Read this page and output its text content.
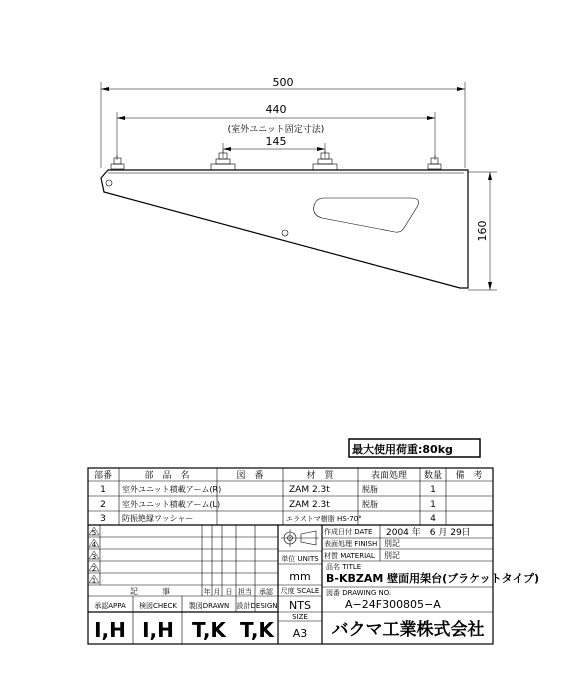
500
440
(室外ユニット固定寸法)
145
160
最大使用荷重:80kg
部番	部　品　名	図　番	材　質	表面処理 数量 備　考
1 室外ユニット積載アーム(R)	ZAM 2.3t	脱脂	1
2 室外ユニット積載アーム(L)	ZAM 2.3t	脱脂	1
3 防振絶縁ワッシャー	エラストマ樹脂 HS-70°	4
5
4
3
2
1
記　　　事	年 月 日 担当 承認
承認APPA 検図CHECK 製図DRAWN 設計DESIGN
I,H I,H T,K T,K
単位 UNITS
mm
尺度 SCALE
NTS
SIZE
A3
作成日付 DATE 2004 年　6 月 29日
表面処理 FINISH 別記
材質 MATERIAL 別記
品名 TITLE
B-KBZAM 壁面用架台(ブラケットタイプ)
図番 DRAWING NO.
A−24F300805−A
バクマ工業株式会社
